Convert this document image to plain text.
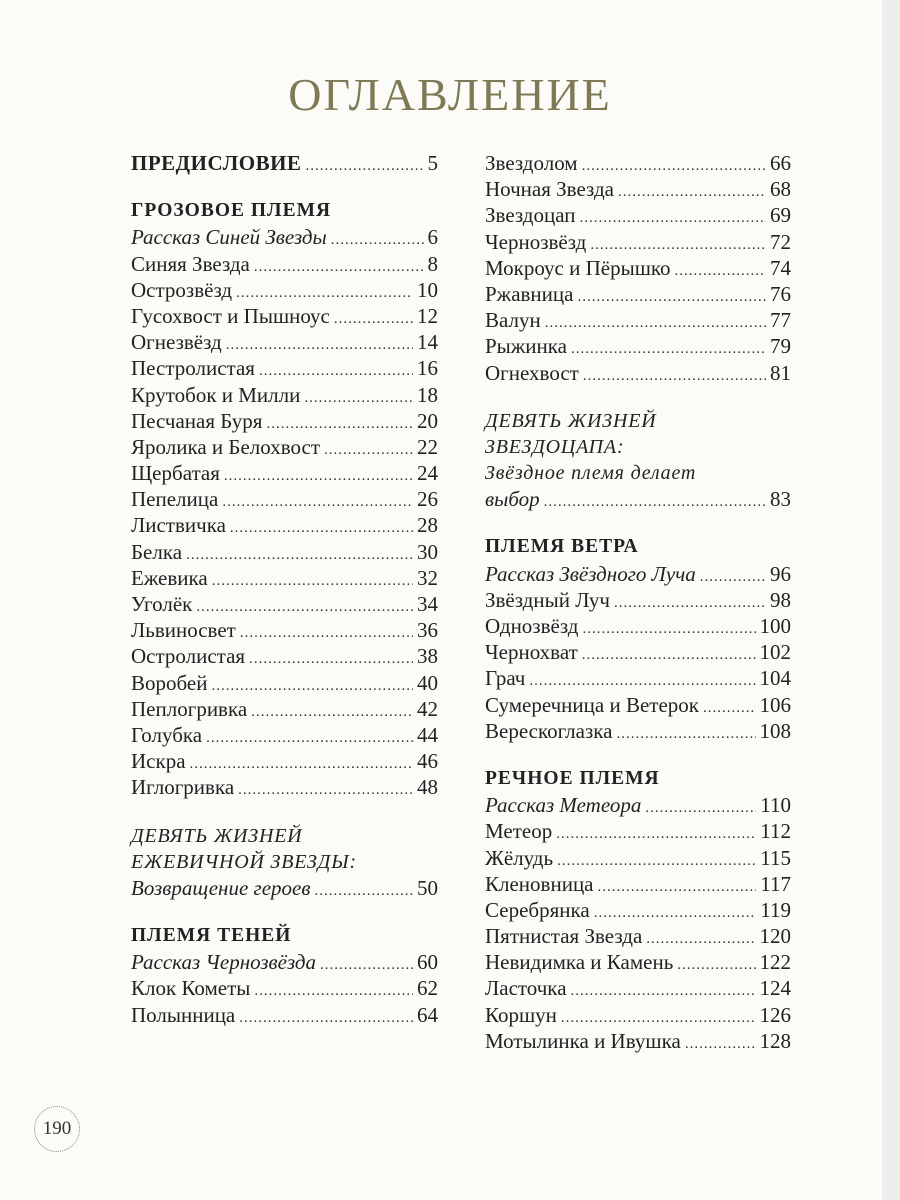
ОГЛАВЛЕНИЕ
ПРЕДИСЛОВИЕ .....	5
ГРОЗОВОЕ ПЛЕМЯ
Рассказ Синей Звезды .....	6
Синяя Звезда .....	8
Острозвёзд .....	10
Гусохвост и Пышноус .....	12
Огнезвёзд .....	14
Пестролистая .....	16
Крутобок и Милли .....	18
Песчаная Буря .....	20
Яролика и Белохвост .....	22
Щербатая .....	24
Пепелица .....	26
Листвичка .....	28
Белка .....	30
Ежевика .....	32
Уголёк .....	34
Львиносвет .....	36
Остролистая .....	38
Воробей .....	40
Пеплогривка .....	42
Голубка .....	44
Искра .....	46
Иглогривка .....	48
ДЕВЯТЬ ЖИЗНЕЙ
ЕЖЕВИЧНОЙ ЗВЕЗДЫ:
Возвращение героев .....	50
ПЛЕМЯ ТЕНЕЙ
Рассказ Чернозвёзда .....	60
Клок Кометы .....	62
Полынница .....	64
Звездолом .....	66
Ночная Звезда .....	68
Звездоцап .....	69
Чернозвёзд .....	72
Мокроус и Пёрышко .....	74
Ржавница .....	76
Валун .....	77
Рыжинка .....	79
Огнехвост .....	81
ДЕВЯТЬ ЖИЗНЕЙ
ЗВЕЗДОЦАПА:
Звёздное племя делает
выбор .....	83
ПЛЕМЯ ВЕТРА
Рассказ Звёздного Луча .....	96
Звёздный Луч .....	98
Однозвёзд .....	100
Чернохват .....	102
Грач .....	104
Сумеречница и Ветерок .....	106
Верескоглазка .....	108
РЕЧНОЕ ПЛЕМЯ
Рассказ Метеора .....	110
Метеор .....	112
Жёлудь .....	115
Кленовница .....	117
Серебрянка .....	119
Пятнистая Звезда .....	120
Невидимка и Камень .....	122
Ласточка .....	124
Коршун .....	126
Мотылинка и Ивушка .....	128
190
